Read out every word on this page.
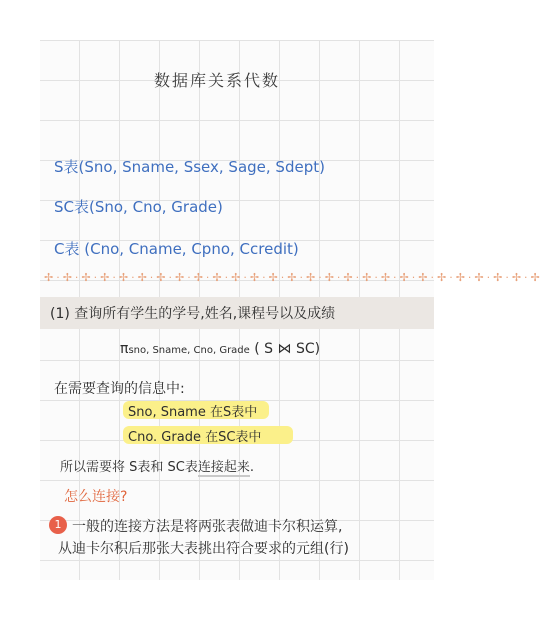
数据库关系代数
S表(Sno, Sname, Ssex, Sage, Sdept)
SC表(Sno, Cno, Grade)
C表 (Cno, Cname, Cpno, Ccredit)
✢·✢·✢·✢·✢·✢·✢·✢·✢·✢·✢·✢·✢·✢·✢·✢·✢·✢·✢·✢·✢·✢·✢·✢·✢·✢·✢
(1) 查询所有学生的学号,姓名,课程号以及成绩
πsno, Sname, Cno, Grade ( S ⋈ SC)
在需要查询的信息中:
Sno, Sname 在S表中
Cno. Grade 在SC表中
所以需要将 S表和 SC表连接起来.
怎么连接?
1 一般的连接方法是将两张表做迪卡尔积运算,
从迪卡尔积后那张大表挑出符合要求的元组(行)
